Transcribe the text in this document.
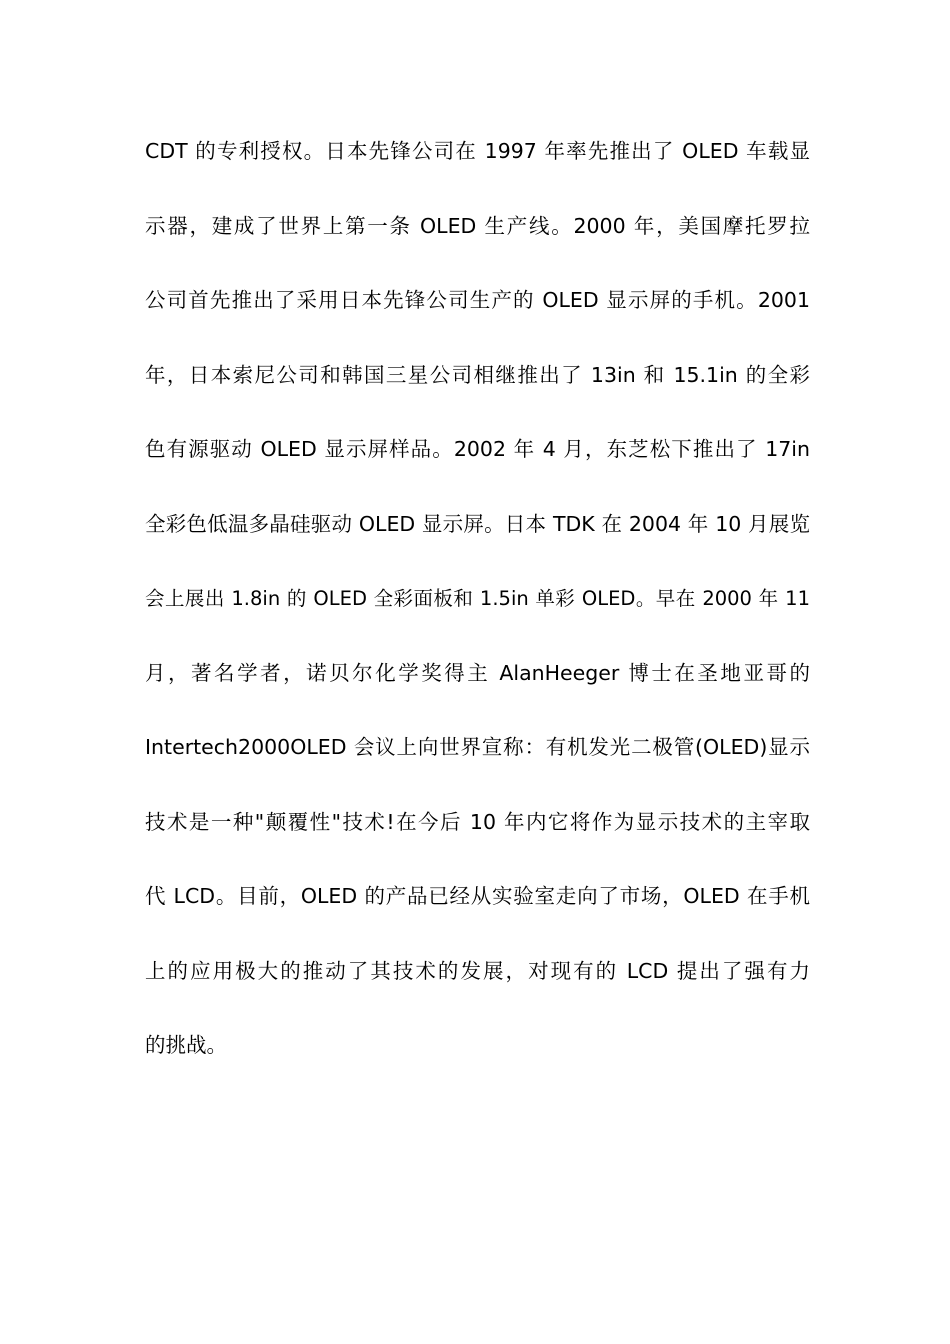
CDT 的专利授权。日本先锋公司在 1997 年率先推出了 OLED 车载显
示器，建成了世界上第一条 OLED 生产线。2000 年，美国摩托罗拉
公司首先推出了采用日本先锋公司生产的 OLED 显示屏的手机。2001
年，日本索尼公司和韩国三星公司相继推出了 13in 和 15.1in 的全彩
色有源驱动 OLED 显示屏样品。2002 年 4 月，东芝松下推出了 17in
全彩色低温多晶硅驱动 OLED 显示屏。日本 TDK 在 2004 年 10 月展览
会上展出 1.8in 的 OLED 全彩面板和 1.5in 单彩 OLED。早在 2000 年 11
月，著名学者，诺贝尔化学奖得主 AlanHeeger 博士在圣地亚哥的
Intertech2000OLED 会议上向世界宣称：有机发光二极管(OLED)显示
技术是一种"颠覆性"技术!在今后 10 年内它将作为显示技术的主宰取
代 LCD。目前，OLED 的产品已经从实验室走向了市场，OLED 在手机
上的应用极大的推动了其技术的发展，对现有的 LCD 提出了强有力
的挑战。
